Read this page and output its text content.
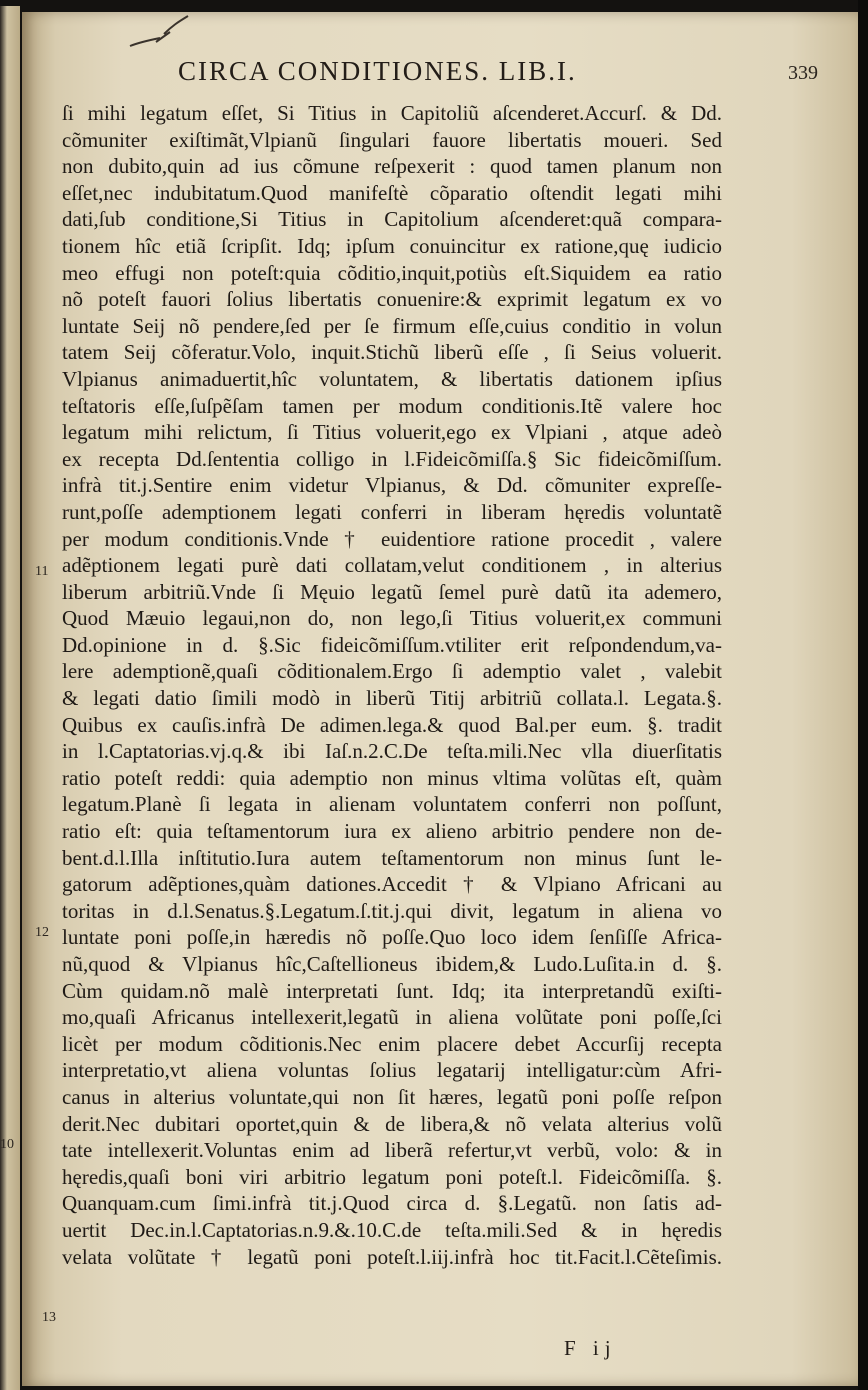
CIRCA CONDITIONES. LIB.I.	339
ſi mihi legatum eſſet, Si Titius in Capitoliũ aſcenderet.Accurſ. & Dd.
cõmuniter exiſtimãt,Vlpianũ ſingulari fauore libertatis moueri. Sed
non dubito,quin ad ius cõmune reſpexerit : quod tamen planum non
eſſet,nec indubitatum.Quod manifeſtè cõparatio oſtendit legati mihi
dati,ſub conditione,Si Titius in Capitolium aſcenderet:quã compara-
tionem hîc etiã ſcripſit. Idq; ipſum conuincitur ex ratione,quę iudicio
meo effugi non poteſt:quia cõditio,inquit,potiùs eſt.Siquidem ea ratio
nõ poteſt fauori ſolius libertatis conuenire:& exprimit legatum ex vo
luntate Seij nõ pendere,ſed per ſe firmum eſſe,cuius conditio in volun
tatem Seij cõferatur.Volo, inquit.Stichũ liberũ eſſe , ſi Seius voluerit.
Vlpianus animaduertit,hîc voluntatem, & libertatis dationem ipſius
teſtatoris eſſe,ſuſpẽſam tamen per modum conditionis.Itẽ valere hoc
legatum mihi relictum, ſi Titius voluerit,ego ex Vlpiani , atque adeò
ex recepta Dd.ſententia colligo in l.Fideicõmiſſa.§ Sic fideicõmiſſum.
infrà tit.j.Sentire enim videtur Vlpianus, & Dd. cõmuniter expreſſe-
runt,poſſe ademptionem legati conferri in liberam hęredis voluntatẽ
per modum conditionis.Vnde † euidentiore ratione procedit , valere
adẽptionem legati purè dati collatam,velut conditionem , in alterius
liberum arbitriũ.Vnde ſi Męuio legatũ ſemel purè datũ ita ademero,
Quod Mæuio legaui,non do, non lego,ſi Titius voluerit,ex communi
Dd.opinione in d. §.Sic fideicõmiſſum.vtiliter erit reſpondendum,va-
lere ademptionẽ,quaſi cõditionalem.Ergo ſi ademptio valet , valebit
& legati datio ſimili modò in liberũ Titij arbitriũ collata.l. Legata.§.
Quibus ex cauſis.infrà De adimen.lega.& quod Bal.per eum. §. tradit
in l.Captatorias.vj.q.& ibi Iaſ.n.2.C.De teſta.mili.Nec vlla diuerſitatis
ratio poteſt reddi: quia ademptio non minus vltima volũtas eſt, quàm
legatum.Planè ſi legata in alienam voluntatem conferri non poſſunt,
ratio eſt: quia teſtamentorum iura ex alieno arbitrio pendere non de-
bent.d.l.Illa inſtitutio.Iura autem teſtamentorum non minus ſunt le-
gatorum adẽptiones,quàm dationes.Accedit † & Vlpiano Africani au
toritas in d.l.Senatus.§.Legatum.ſ.tit.j.qui divit, legatum in aliena vo
luntate poni poſſe,in hæredis nõ poſſe.Quo loco idem ſenſiſſe Africa-
nũ,quod & Vlpianus hîc,Caſtellioneus ibidem,& Ludo.Luſita.in d. §.
Cùm quidam.nõ malè interpretati ſunt. Idq; ita interpretandũ exiſti-
mo,quaſi Africanus intellexerit,legatũ in aliena volũtate poni poſſe,ſci
licèt per modum cõditionis.Nec enim placere debet Accurſij recepta
interpretatio,vt aliena voluntas ſolius legatarij intelligatur:cùm Afri-
canus in alterius voluntate,qui non ſit hæres, legatũ poni poſſe reſpon
derit.Nec dubitari oportet,quin & de libera,& nõ velata alterius volũ
tate intellexerit.Voluntas enim ad liberã refertur,vt verbũ, volo: & in
hęredis,quaſi boni viri arbitrio legatum poni poteſt.l. Fideicõmiſſa. §.
Quanquam.cum ſimi.infrà tit.j.Quod circa d. §.Legatũ. non ſatis ad-
uertit Dec.in.l.Captatorias.n.9.&.10.C.de teſta.mili.Sed & in hęredis
velata volũtate † legatũ poni poteſt.l.iij.infrà hoc tit.Facit.l.Cẽteſimis.
11
12
10
13
F ij
